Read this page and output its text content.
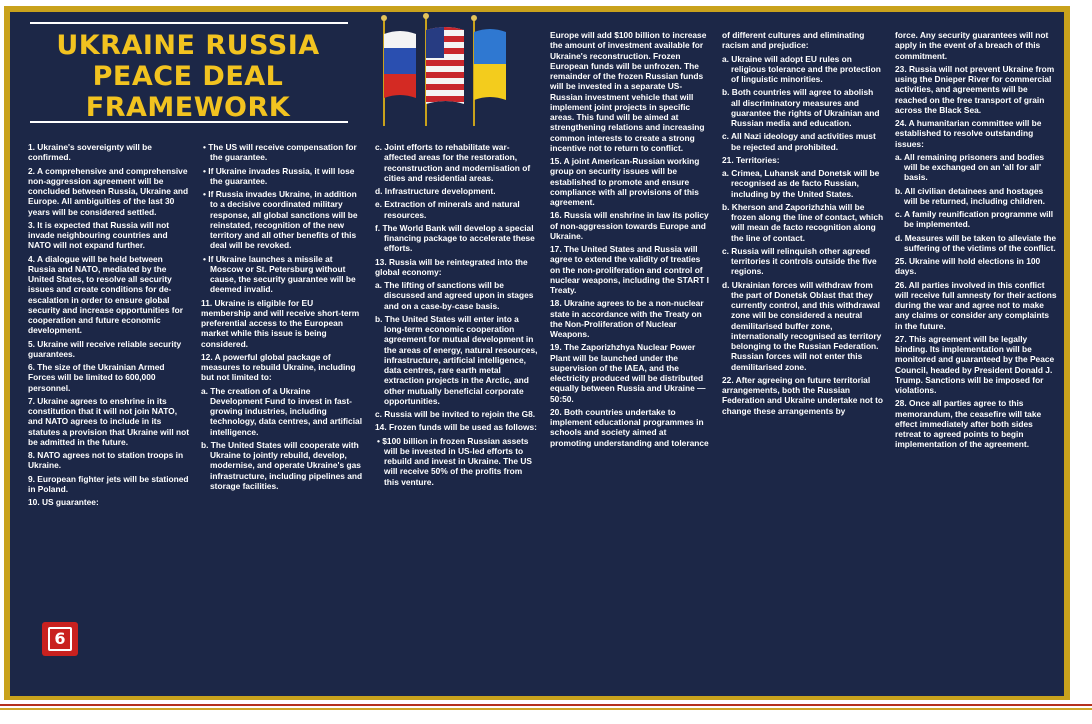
UKRAINE RUSSIA PEACE DEAL FRAMEWORK

1. Ukraine's sovereignty will be confirmed.

2. A comprehensive and comprehensive non-aggression agreement will be concluded between Russia, Ukraine and Europe. All ambiguities of the last 30 years will be considered settled.

3. It is expected that Russia will not invade neighbouring countries and NATO will not expand further.

4. A dialogue will be held between Russia and NATO, mediated by the United States, to resolve all security issues and create conditions for de-escalation in order to ensure global security and increase opportunities for cooperation and future economic development.

5. Ukraine will receive reliable security guarantees.

6. The size of the Ukrainian Armed Forces will be limited to 600,000 personnel.

7. Ukraine agrees to enshrine in its constitution that it will not join NATO, and NATO agrees to include in its statutes a provision that Ukraine will not be admitted in the future.

8. NATO agrees not to station troops in Ukraine.

9. European fighter jets will be stationed in Poland.

10. US guarantee:

• The US will receive compensation for the guarantee.

• If Ukraine invades Russia, it will lose the guarantee.

• If Russia invades Ukraine, in addition to a decisive coordinated military response, all global sanctions will be reinstated, recognition of the new territory and all other benefits of this deal will be revoked.

• If Ukraine launches a missile at Moscow or St. Petersburg without cause, the security guarantee will be deemed invalid.

11. Ukraine is eligible for EU membership and will receive short-term preferential access to the European market while this issue is being considered.

12. A powerful global package of measures to rebuild Ukraine, including but not limited to:

a. The creation of a Ukraine Development Fund to invest in fast-growing industries, including technology, data centres, and artificial intelligence.

b. The United States will cooperate with Ukraine to jointly rebuild, develop, modernise, and operate Ukraine's gas infrastructure, including pipelines and storage facilities.

c. Joint efforts to rehabilitate war-affected areas for the restoration, reconstruction and modernisation of cities and residential areas.

d. Infrastructure development.

e. Extraction of minerals and natural resources.

f. The World Bank will develop a special financing package to accelerate these efforts.

13. Russia will be reintegrated into the global economy:

a. The lifting of sanctions will be discussed and agreed upon in stages and on a case-by-case basis.

b. The United States will enter into a long-term economic cooperation agreement for mutual development in the areas of energy, natural resources, infrastructure, artificial intelligence, data centres, rare earth metal extraction projects in the Arctic, and other mutually beneficial corporate opportunities.

c. Russia will be invited to rejoin the G8.

14. Frozen funds will be used as follows:

• $100 billion in frozen Russian assets will be invested in US-led efforts to rebuild and invest in Ukraine. The US will receive 50% of the profits from this venture.

Europe will add $100 billion to increase the amount of investment available for Ukraine's reconstruction. Frozen European funds will be unfrozen. The remainder of the frozen Russian funds will be invested in a separate US-Russian investment vehicle that will implement joint projects in specific areas. This fund will be aimed at strengthening relations and increasing common interests to create a strong incentive not to return to conflict.

15. A joint American-Russian working group on security issues will be established to promote and ensure compliance with all provisions of this agreement.

16. Russia will enshrine in law its policy of non-aggression towards Europe and Ukraine.

17. The United States and Russia will agree to extend the validity of treaties on the non-proliferation and control of nuclear weapons, including the START I Treaty.

18. Ukraine agrees to be a non-nuclear state in accordance with the Treaty on the Non-Proliferation of Nuclear Weapons.

19. The Zaporizhzhya Nuclear Power Plant will be launched under the supervision of the IAEA, and the electricity produced will be distributed equally between Russia and Ukraine — 50:50.

20. Both countries undertake to implement educational programmes in schools and society aimed at promoting understanding and tolerance

of different cultures and eliminating racism and prejudice:

a. Ukraine will adopt EU rules on religious tolerance and the protection of linguistic minorities.

b. Both countries will agree to abolish all discriminatory measures and guarantee the rights of Ukrainian and Russian media and education.

c. All Nazi ideology and activities must be rejected and prohibited.

21. Territories:

a. Crimea, Luhansk and Donetsk will be recognised as de facto Russian, including by the United States.

b. Kherson and Zaporizhzhia will be frozen along the line of contact, which will mean de facto recognition along the line of contact.

c. Russia will relinquish other agreed territories it controls outside the five regions.

d. Ukrainian forces will withdraw from the part of Donetsk Oblast that they currently control, and this withdrawal zone will be considered a neutral demilitarised buffer zone, internationally recognised as territory belonging to the Russian Federation. Russian forces will not enter this demilitarised zone.

22. After agreeing on future territorial arrangements, both the Russian Federation and Ukraine undertake not to change these arrangements by

force. Any security guarantees will not apply in the event of a breach of this commitment.

23. Russia will not prevent Ukraine from using the Dnieper River for commercial activities, and agreements will be reached on the free transport of grain across the Black Sea.

24. A humanitarian committee will be established to resolve outstanding issues:

a. All remaining prisoners and bodies will be exchanged on an 'all for all' basis.

b. All civilian detainees and hostages will be returned, including children.

c. A family reunification programme will be implemented.

d. Measures will be taken to alleviate the suffering of the victims of the conflict.

25. Ukraine will hold elections in 100 days.

26. All parties involved in this conflict will receive full amnesty for their actions during the war and agree not to make any claims or consider any complaints in the future.

27. This agreement will be legally binding. Its implementation will be monitored and guaranteed by the Peace Council, headed by President Donald J. Trump. Sanctions will be imposed for violations.

28. Once all parties agree to this memorandum, the ceasefire will take effect immediately after both sides retreat to agreed points to begin implementation of the agreement.

6
